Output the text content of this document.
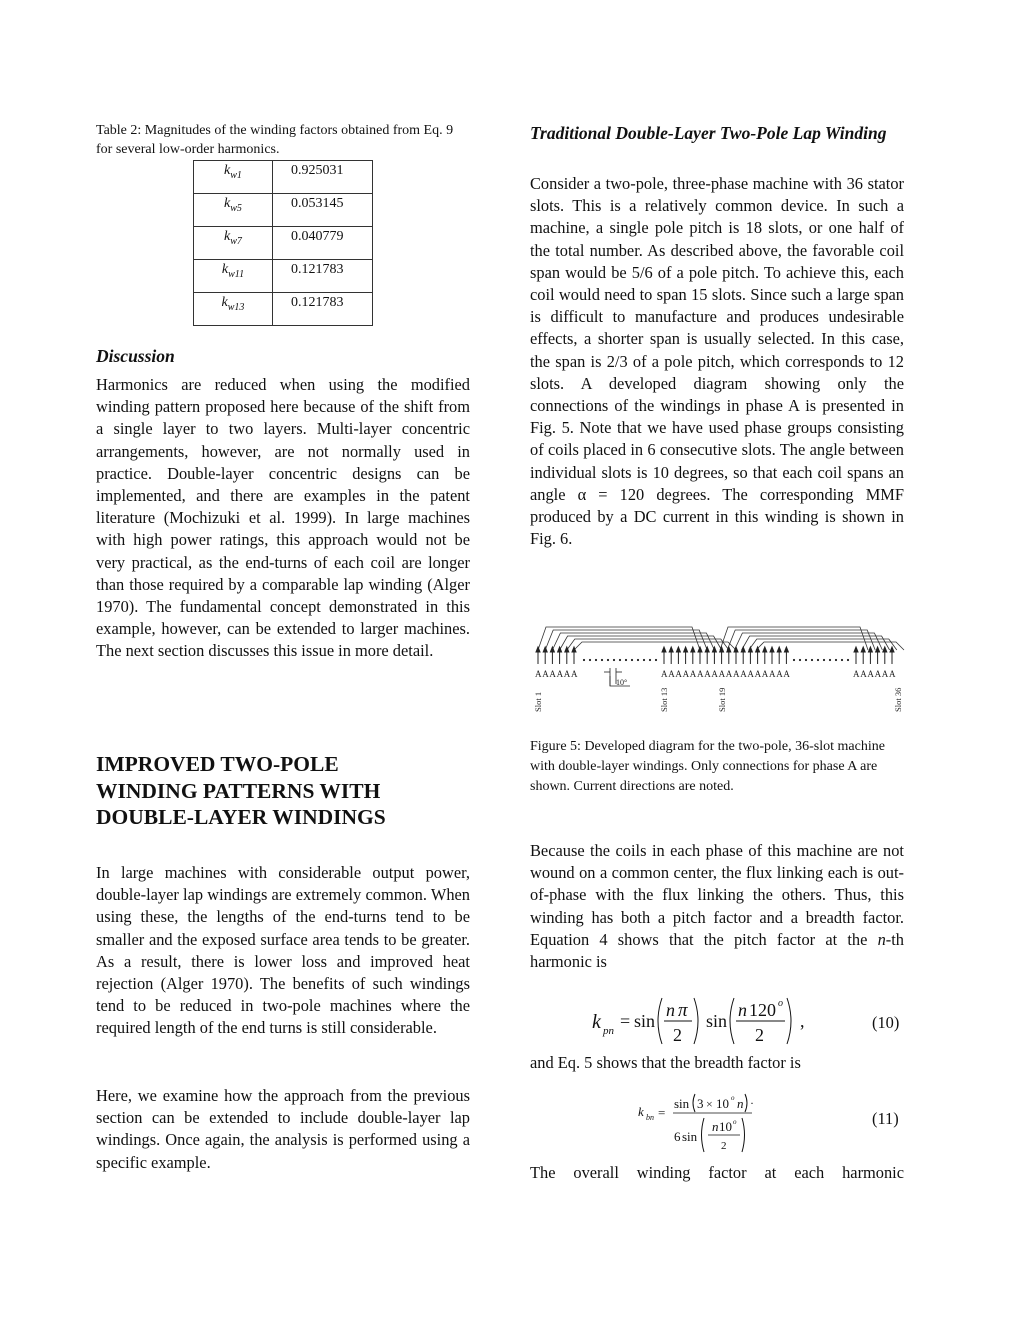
Table 2: Magnitudes of the winding factors obtained from Eq. 9 for several low-order harmonics.
$k_{w1}$	0.925031
$k_{w5}$	0.053145
$k_{w7}$	0.040779
$k_{w11}$	0.121783
$k_{w13}$	0.121783
Discussion

Harmonics are reduced when using the modified winding pattern proposed here because of the shift from a single layer to two layers. Multi-layer concentric arrangements, however, are not normally used in practice. Double-layer concentric designs can be implemented, and there are examples in the patent literature (Mochizuki et al. 1999). In large machines with high power ratings, this approach would not be very practical, as the end-turns of each coil are longer than those required by a comparable lap winding (Alger 1970). The fundamental concept demonstrated in this example, however, can be extended to larger machines. The next section discusses this issue in more detail.

IMPROVED TWO-POLE WINDING PATTERNS WITH DOUBLE-LAYER WINDINGS

In large machines with considerable output power, double-layer lap windings are extremely common. When using these, the lengths of the end-turns tend to be smaller and the exposed surface area tends to be greater. As a result, there is lower loss and improved heat rejection (Alger 1970). The benefits of such windings tend to be reduced in two-pole machines where the required length of the end turns is still considerable.

Here, we examine how the approach from the previous section can be extended to include double-layer lap windings. Once again, the analysis is performed using a specific example.

Traditional Double-Layer Two-Pole Lap Winding

Consider a two-pole, three-phase machine with 36 stator slots. This is a relatively common device. In such a machine, a single pole pitch is 18 slots, or one half of the total number. As described above, the favorable coil span would be 5/6 of a pole pitch. To achieve this, each coil would need to span 15 slots. Since such a large span is difficult to manufacture and produces undesirable effects, a shorter span is usually selected. In this case, the span is 2/3 of a pole pitch, which corresponds to 12 slots. A developed diagram showing only the connections of the windings in phase A is presented in Fig. 5. Note that we have used phase groups consisting of coils placed in 6 consecutive slots. The angle between individual slots is 10 degrees, so that each coil spans an angle α = 120 degrees. The corresponding MMF produced by a DC current in this winding is shown in Fig. 6.

A A A A A A	A A A A A A A A A A A A A A A A A A	A A A A A A
10°
Slot 1	Slot 13	Slot 19	Slot 36
Figure 5: Developed diagram for the two-pole, 36-slot machine with double-layer windings. Only connections for phase A are shown. Current directions are noted.

Because the coils in each phase of this machine are not wound on a common center, the flux linking each is out-of-phase with the flux linking the others. Thus, this winding has both a pitch factor and a breadth factor. Equation 4 shows that the pitch factor at the n-th harmonic is

k pn = sin
n π
2
sin
n 120 o
2
,	(10)

and Eq. 5 shows that the breadth factor is

k bn =
sin 3 × 10 o n ·
6 sin
n 10 o
2
(11)

The overall winding factor at each harmonic
